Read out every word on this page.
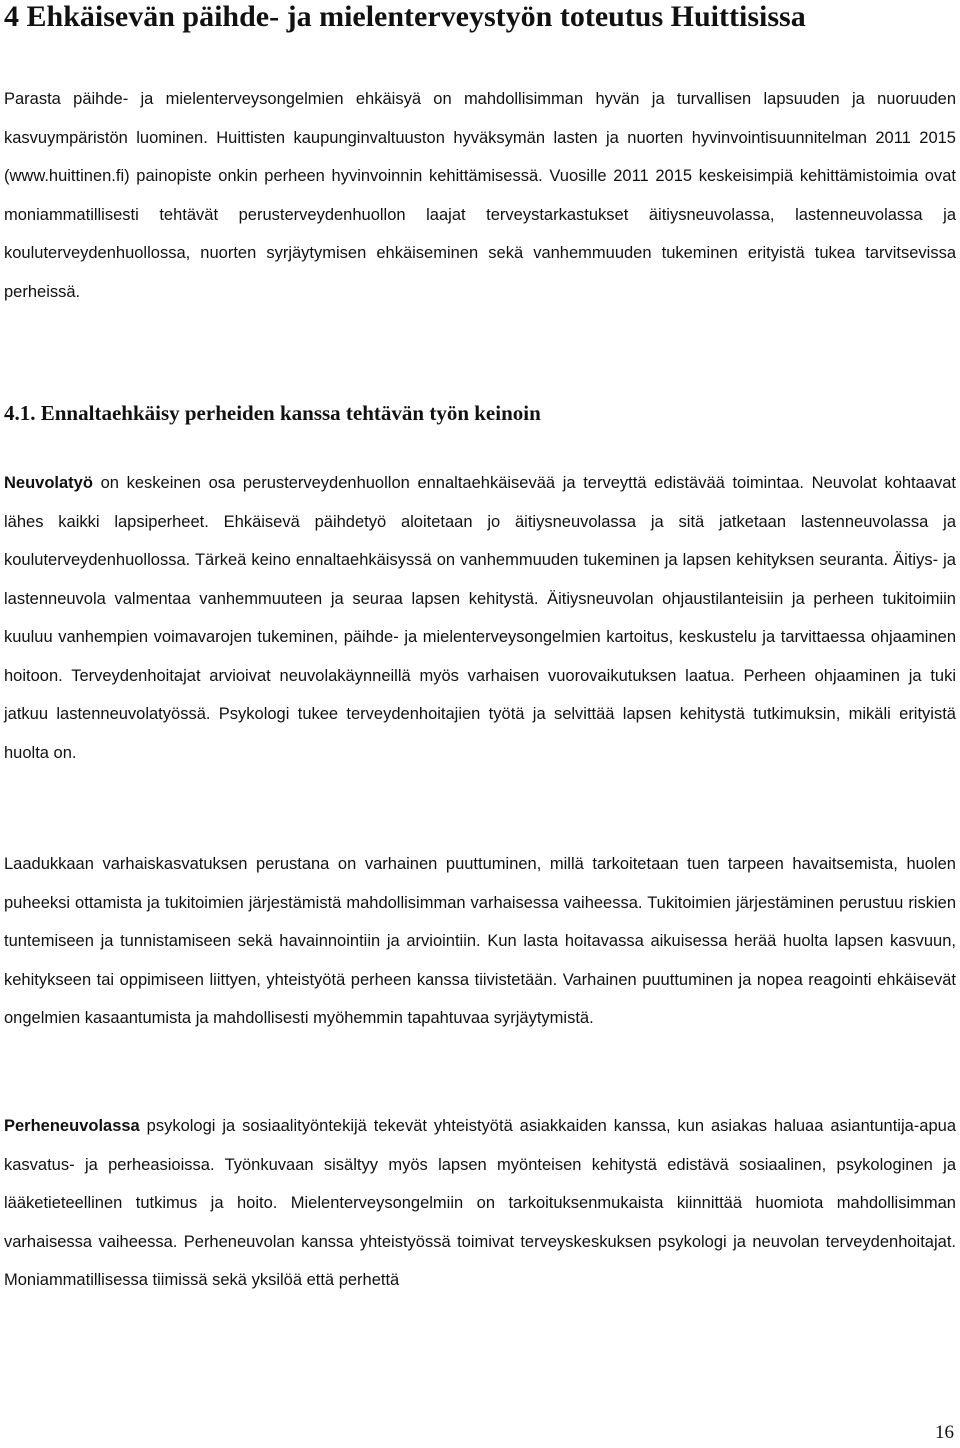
4 Ehkäisevän päihde- ja mielenterveystyön toteutus Huittisissa

Parasta päihde- ja mielenterveysongelmien ehkäisyä on mahdollisimman hyvän ja turvallisen lapsuuden ja nuoruuden kasvuympäristön luominen. Huittisten kaupunginvaltuuston hyväksymän lasten ja nuorten hyvinvointisuunnitelman 2011 2015 (www.huittinen.fi) painopiste onkin perheen hyvinvoinnin kehittämisessä. Vuosille 2011 2015 keskeisimpiä kehittämistoimia ovat moniammatillisesti tehtävät perusterveydenhuollon laajat terveystarkastukset äitiysneuvolassa, lastenneuvolassa ja kouluterveydenhuollossa, nuorten syrjäytymisen ehkäiseminen sekä vanhemmuuden tukeminen erityistä tukea tarvitsevissa perheissä.

4.1. Ennaltaehkäisy perheiden kanssa tehtävän työn keinoin

Neuvolatyö on keskeinen osa perusterveydenhuollon ennaltaehkäisevää ja terveyttä edistävää toimintaa. Neuvolat kohtaavat lähes kaikki lapsiperheet. Ehkäisevä päihdetyö aloitetaan jo äitiysneuvolassa ja sitä jatketaan lastenneuvolassa ja kouluterveydenhuollossa. Tärkeä keino ennaltaehkäisyssä on vanhemmuuden tukeminen ja lapsen kehityksen seuranta. Äitiys- ja lastenneuvola valmentaa vanhemmuuteen ja seuraa lapsen kehitystä. Äitiysneuvolan ohjaustilanteisiin ja perheen tukitoimiin kuuluu vanhempien voimavarojen tukeminen, päihde- ja mielenterveysongelmien kartoitus, keskustelu ja tarvittaessa ohjaaminen hoitoon. Terveydenhoitajat arvioivat neuvolakäynneillä myös varhaisen vuorovaikutuksen laatua. Perheen ohjaaminen ja tuki jatkuu lastenneuvolatyössä. Psykologi tukee terveydenhoitajien työtä ja selvittää lapsen kehitystä tutkimuksin, mikäli erityistä huolta on.

Laadukkaan varhaiskasvatuksen perustana on varhainen puuttuminen, millä tarkoitetaan tuen tarpeen havaitsemista, huolen puheeksi ottamista ja tukitoimien järjestämistä mahdollisimman varhaisessa vaiheessa. Tukitoimien järjestäminen perustuu riskien tuntemiseen ja tunnistamiseen sekä havainnointiin ja arviointiin. Kun lasta hoitavassa aikuisessa herää huolta lapsen kasvuun, kehitykseen tai oppimiseen liittyen, yhteistyötä perheen kanssa tiivistetään. Varhainen puuttuminen ja nopea reagointi ehkäisevät ongelmien kasaantumista ja mahdollisesti myöhemmin tapahtuvaa syrjäytymistä.

Perheneuvolassa psykologi ja sosiaalityöntekijä tekevät yhteistyötä asiakkaiden kanssa, kun asiakas haluaa asiantuntija-apua kasvatus- ja perheasioissa. Työnkuvaan sisältyy myös lapsen myönteisen kehitystä edistävä sosiaalinen, psykologinen ja lääketieteellinen tutkimus ja hoito. Mielenterveysongelmiin on tarkoituksenmukaista kiinnittää huomiota mahdollisimman varhaisessa vaiheessa. Perheneuvolan kanssa yhteistyössä toimivat terveyskeskuksen psykologi ja neuvolan terveydenhoitajat. Moniammatillisessa tiimissä sekä yksilöä että perhettä

16
